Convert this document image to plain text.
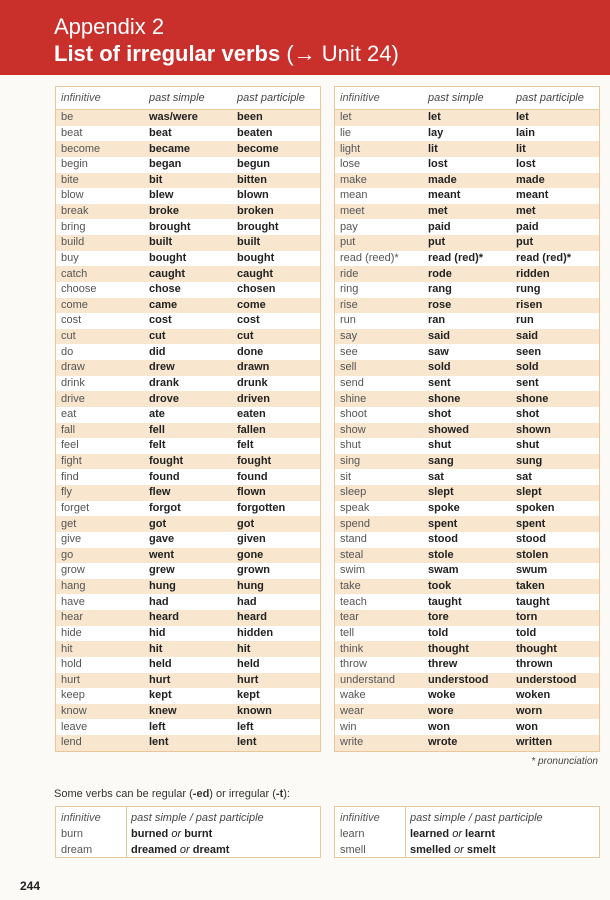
Appendix 2
List of irregular verbs (→ Unit 24)
infinitive	past simple	past participle
be	was/were	been
beat	beat	beaten
become	became	become
begin	began	begun
bite	bit	bitten
blow	blew	blown
break	broke	broken
bring	brought	brought
build	built	built
buy	bought	bought
catch	caught	caught
choose	chose	chosen
come	came	come
cost	cost	cost
cut	cut	cut
do	did	done
draw	drew	drawn
drink	drank	drunk
drive	drove	driven
eat	ate	eaten
fall	fell	fallen
feel	felt	felt
fight	fought	fought
find	found	found
fly	flew	flown
forget	forgot	forgotten
get	got	got
give	gave	given
go	went	gone
grow	grew	grown
hang	hung	hung
have	had	had
hear	heard	heard
hide	hid	hidden
hit	hit	hit
hold	held	held
hurt	hurt	hurt
keep	kept	kept
know	knew	known
leave	left	left
lend	lent	lent
infinitive	past simple	past participle
let	let	let
lie	lay	lain
light	lit	lit
lose	lost	lost
make	made	made
mean	meant	meant
meet	met	met
pay	paid	paid
put	put	put
read (reed)*	read (red)*	read (red)*
ride	rode	ridden
ring	rang	rung
rise	rose	risen
run	ran	run
say	said	said
see	saw	seen
sell	sold	sold
send	sent	sent
shine	shone	shone
shoot	shot	shot
show	showed	shown
shut	shut	shut
sing	sang	sung
sit	sat	sat
sleep	slept	slept
speak	spoke	spoken
spend	spent	spent
stand	stood	stood
steal	stole	stolen
swim	swam	swum
take	took	taken
teach	taught	taught
tear	tore	torn
tell	told	told
think	thought	thought
throw	threw	thrown
understand	understood	understood
wake	woke	woken
wear	wore	worn
win	won	won
write	wrote	written
* pronunciation
Some verbs can be regular (-ed) or irregular (-t):
infinitive	past simple / past participle
burn	burned or burnt
dream	dreamed or dreamt
infinitive	past simple / past participle
learn	learned or learnt
smell	smelled or smelt
244
